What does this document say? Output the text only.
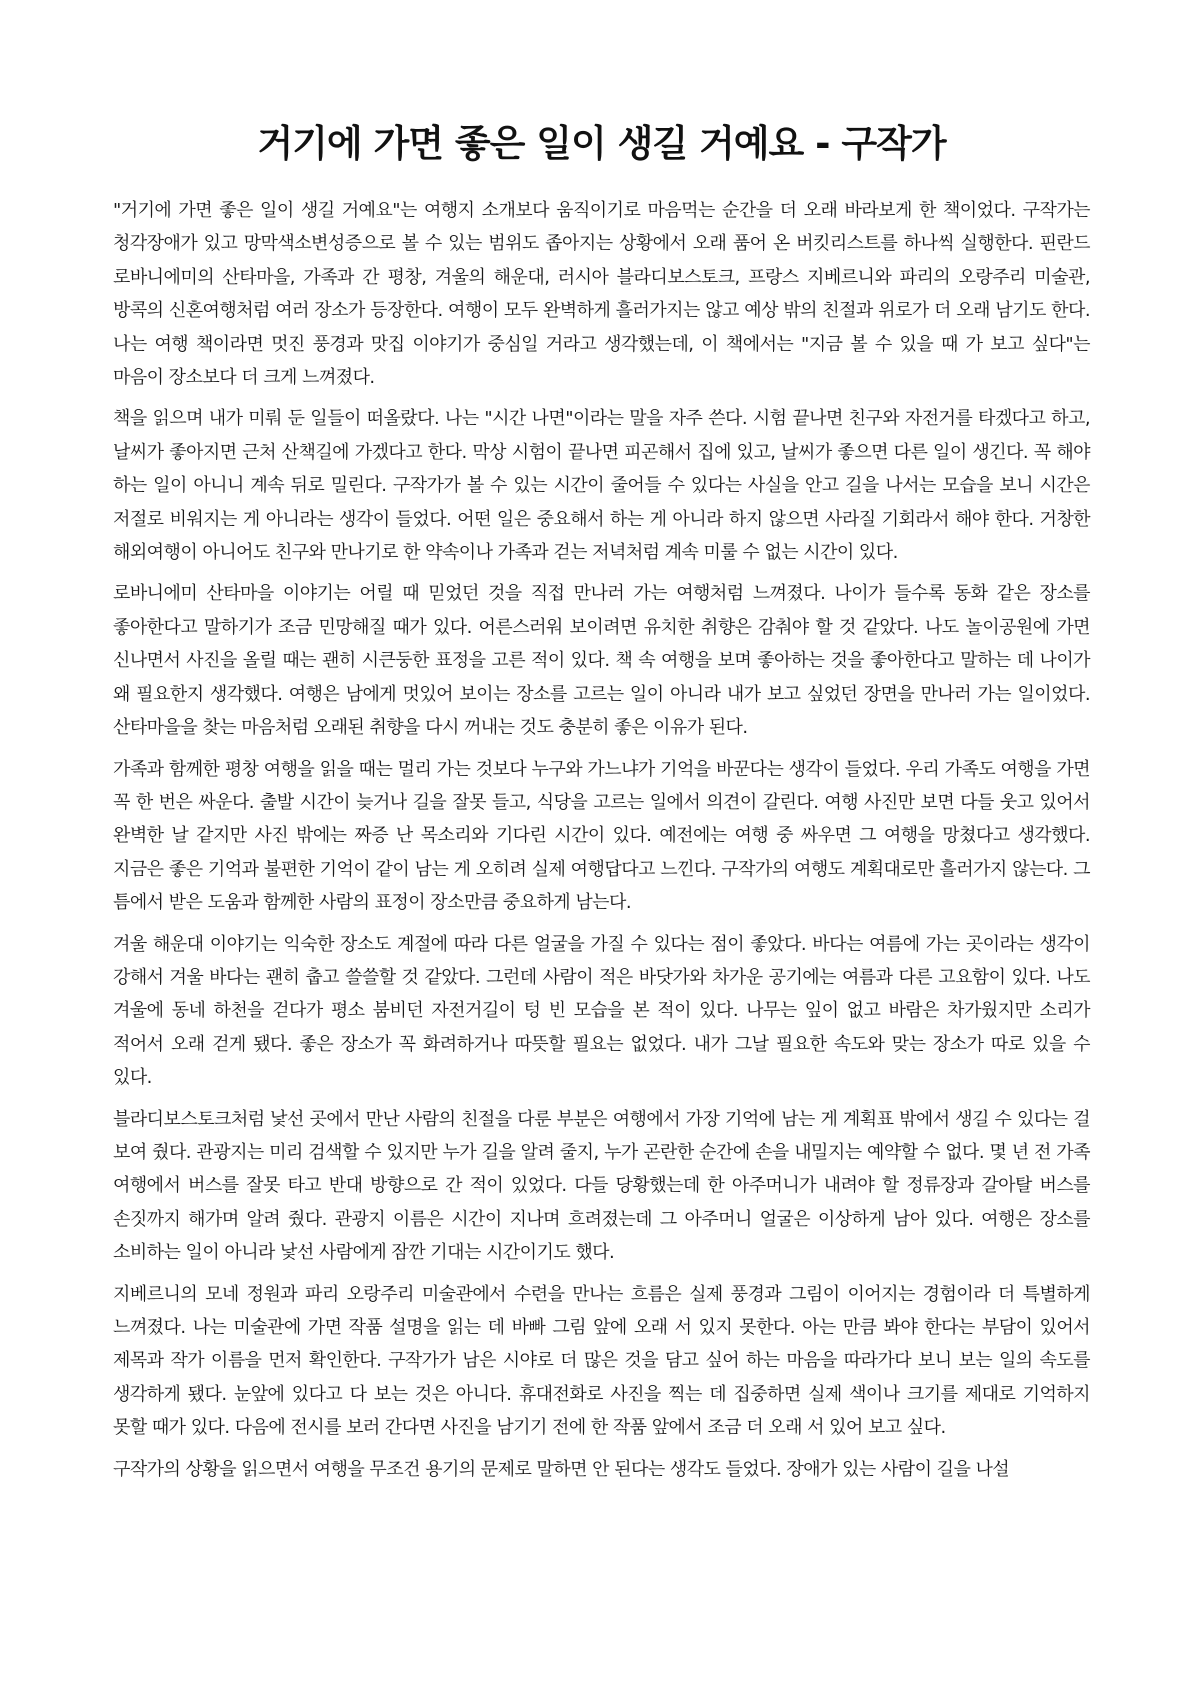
거기에 가면 좋은 일이 생길 거예요 - 구작가

"거기에 가면 좋은 일이 생길 거예요"는 여행지 소개보다 움직이기로 마음먹는 순간을 더 오래 바라보게 한 책이었다. 구작가는 청각장애가 있고 망막색소변성증으로 볼 수 있는 범위도 좁아지는 상황에서 오래 품어 온 버킷리스트를 하나씩 실행한다. 핀란드 로바니에미의 산타마을, 가족과 간 평창, 겨울의 해운대, 러시아 블라디보스토크, 프랑스 지베르니와 파리의 오랑주리 미술관, 방콕의 신혼여행처럼 여러 장소가 등장한다. 여행이 모두 완벽하게 흘러가지는 않고 예상 밖의 친절과 위로가 더 오래 남기도 한다. 나는 여행 책이라면 멋진 풍경과 맛집 이야기가 중심일 거라고 생각했는데, 이 책에서는 "지금 볼 수 있을 때 가 보고 싶다"는 마음이 장소보다 더 크게 느껴졌다.

책을 읽으며 내가 미뤄 둔 일들이 떠올랐다. 나는 "시간 나면"이라는 말을 자주 쓴다. 시험 끝나면 친구와 자전거를 타겠다고 하고, 날씨가 좋아지면 근처 산책길에 가겠다고 한다. 막상 시험이 끝나면 피곤해서 집에 있고, 날씨가 좋으면 다른 일이 생긴다. 꼭 해야 하는 일이 아니니 계속 뒤로 밀린다. 구작가가 볼 수 있는 시간이 줄어들 수 있다는 사실을 안고 길을 나서는 모습을 보니 시간은 저절로 비워지는 게 아니라는 생각이 들었다. 어떤 일은 중요해서 하는 게 아니라 하지 않으면 사라질 기회라서 해야 한다. 거창한 해외여행이 아니어도 친구와 만나기로 한 약속이나 가족과 걷는 저녁처럼 계속 미룰 수 없는 시간이 있다.

로바니에미 산타마을 이야기는 어릴 때 믿었던 것을 직접 만나러 가는 여행처럼 느껴졌다. 나이가 들수록 동화 같은 장소를 좋아한다고 말하기가 조금 민망해질 때가 있다. 어른스러워 보이려면 유치한 취향은 감춰야 할 것 같았다. 나도 놀이공원에 가면 신나면서 사진을 올릴 때는 괜히 시큰둥한 표정을 고른 적이 있다. 책 속 여행을 보며 좋아하는 것을 좋아한다고 말하는 데 나이가 왜 필요한지 생각했다. 여행은 남에게 멋있어 보이는 장소를 고르는 일이 아니라 내가 보고 싶었던 장면을 만나러 가는 일이었다. 산타마을을 찾는 마음처럼 오래된 취향을 다시 꺼내는 것도 충분히 좋은 이유가 된다.

가족과 함께한 평창 여행을 읽을 때는 멀리 가는 것보다 누구와 가느냐가 기억을 바꾼다는 생각이 들었다. 우리 가족도 여행을 가면 꼭 한 번은 싸운다. 출발 시간이 늦거나 길을 잘못 들고, 식당을 고르는 일에서 의견이 갈린다. 여행 사진만 보면 다들 웃고 있어서 완벽한 날 같지만 사진 밖에는 짜증 난 목소리와 기다린 시간이 있다. 예전에는 여행 중 싸우면 그 여행을 망쳤다고 생각했다. 지금은 좋은 기억과 불편한 기억이 같이 남는 게 오히려 실제 여행답다고 느낀다. 구작가의 여행도 계획대로만 흘러가지 않는다. 그 틈에서 받은 도움과 함께한 사람의 표정이 장소만큼 중요하게 남는다.

겨울 해운대 이야기는 익숙한 장소도 계절에 따라 다른 얼굴을 가질 수 있다는 점이 좋았다. 바다는 여름에 가는 곳이라는 생각이 강해서 겨울 바다는 괜히 춥고 쓸쓸할 것 같았다. 그런데 사람이 적은 바닷가와 차가운 공기에는 여름과 다른 고요함이 있다. 나도 겨울에 동네 하천을 걷다가 평소 붐비던 자전거길이 텅 빈 모습을 본 적이 있다. 나무는 잎이 없고 바람은 차가웠지만 소리가 적어서 오래 걷게 됐다. 좋은 장소가 꼭 화려하거나 따뜻할 필요는 없었다. 내가 그날 필요한 속도와 맞는 장소가 따로 있을 수 있다.

블라디보스토크처럼 낯선 곳에서 만난 사람의 친절을 다룬 부분은 여행에서 가장 기억에 남는 게 계획표 밖에서 생길 수 있다는 걸 보여 줬다. 관광지는 미리 검색할 수 있지만 누가 길을 알려 줄지, 누가 곤란한 순간에 손을 내밀지는 예약할 수 없다. 몇 년 전 가족 여행에서 버스를 잘못 타고 반대 방향으로 간 적이 있었다. 다들 당황했는데 한 아주머니가 내려야 할 정류장과 갈아탈 버스를 손짓까지 해가며 알려 줬다. 관광지 이름은 시간이 지나며 흐려졌는데 그 아주머니 얼굴은 이상하게 남아 있다. 여행은 장소를 소비하는 일이 아니라 낯선 사람에게 잠깐 기대는 시간이기도 했다.

지베르니의 모네 정원과 파리 오랑주리 미술관에서 수련을 만나는 흐름은 실제 풍경과 그림이 이어지는 경험이라 더 특별하게 느껴졌다. 나는 미술관에 가면 작품 설명을 읽는 데 바빠 그림 앞에 오래 서 있지 못한다. 아는 만큼 봐야 한다는 부담이 있어서 제목과 작가 이름을 먼저 확인한다. 구작가가 남은 시야로 더 많은 것을 담고 싶어 하는 마음을 따라가다 보니 보는 일의 속도를 생각하게 됐다. 눈앞에 있다고 다 보는 것은 아니다. 휴대전화로 사진을 찍는 데 집중하면 실제 색이나 크기를 제대로 기억하지 못할 때가 있다. 다음에 전시를 보러 간다면 사진을 남기기 전에 한 작품 앞에서 조금 더 오래 서 있어 보고 싶다.

구작가의 상황을 읽으면서 여행을 무조건 용기의 문제로 말하면 안 된다는 생각도 들었다. 장애가 있는 사람이 길을 나설
